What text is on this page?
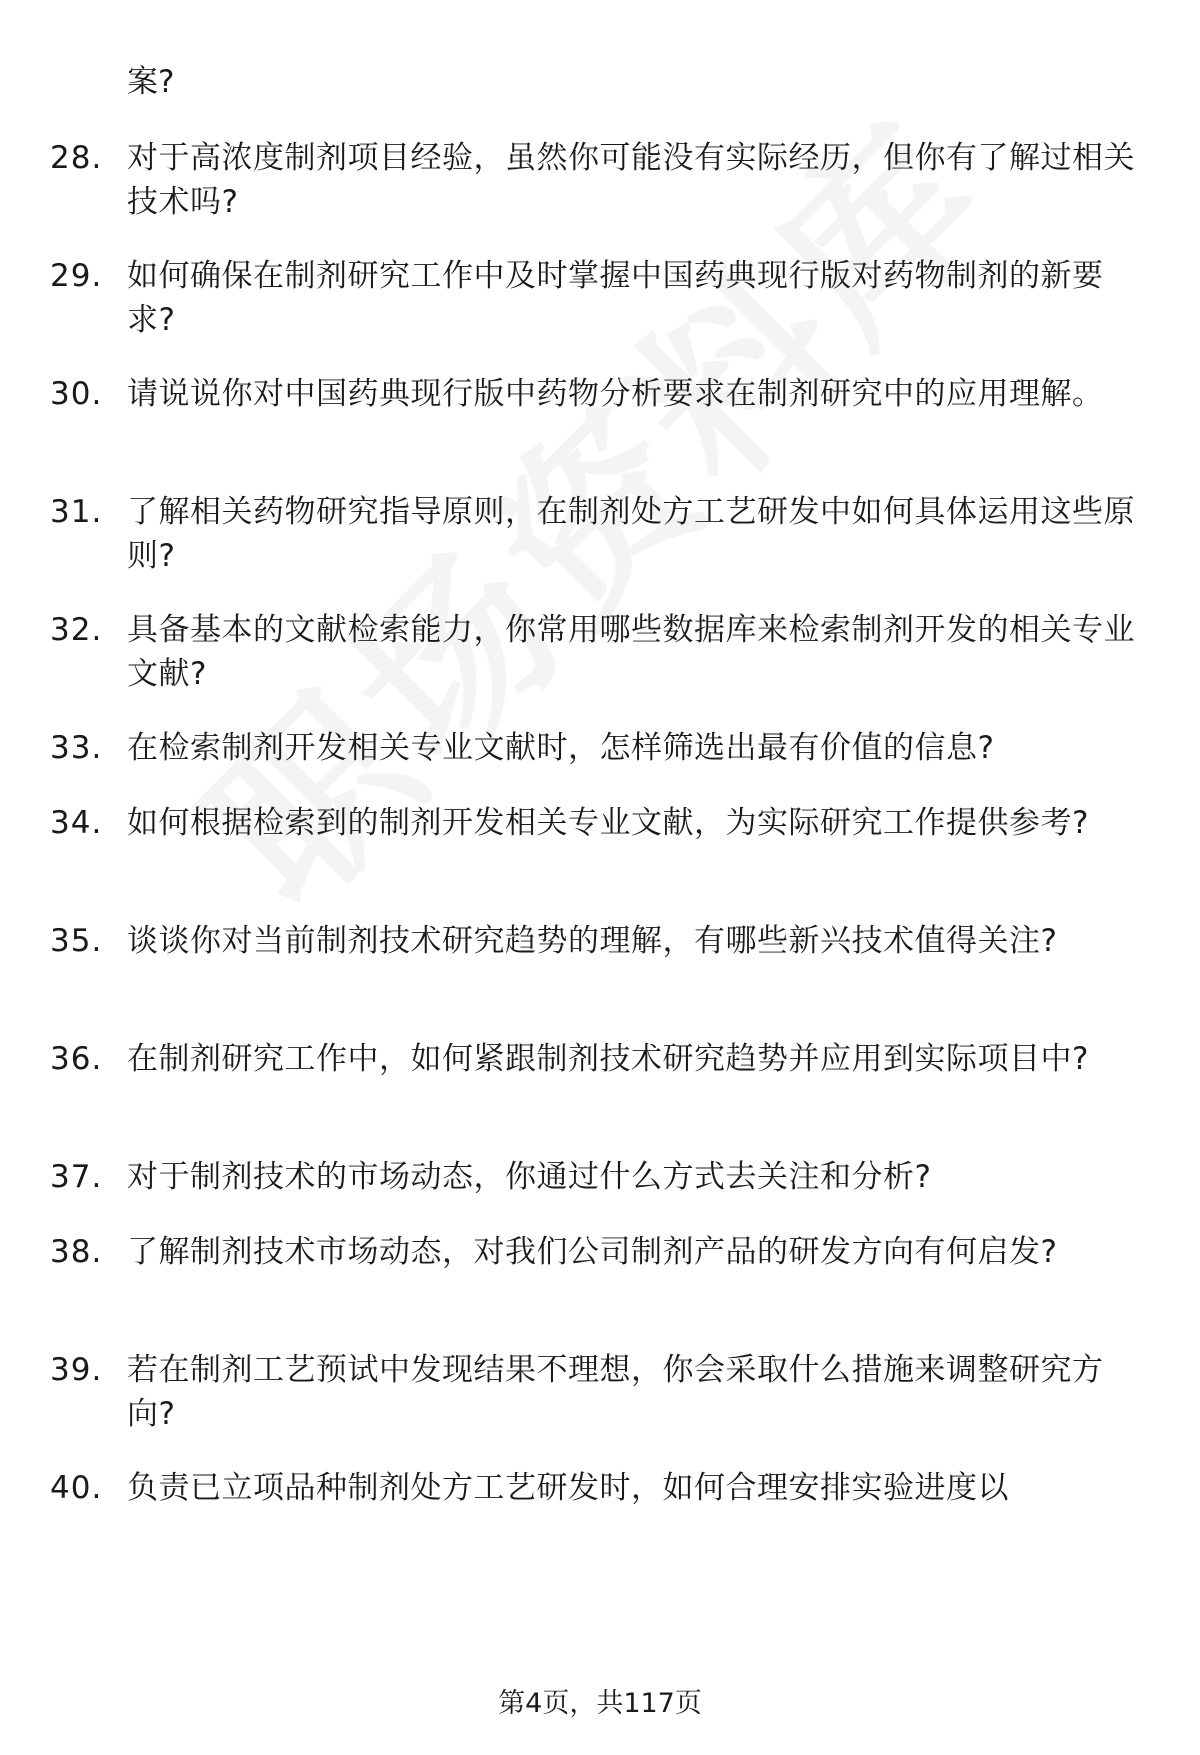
案?
28. 对于高浓度制剂项目经验，虽然你可能没有实际经历，但你有了解过相关技术吗?
29. 如何确保在制剂研究工作中及时掌握中国药典现行版对药物制剂的新要求?
30. 请说说你对中国药典现行版中药物分析要求在制剂研究中的应用理解。
31. 了解相关药物研究指导原则，在制剂处方工艺研发中如何具体运用这些原则?
32. 具备基本的文献检索能力，你常用哪些数据库来检索制剂开发的相关专业文献?
33. 在检索制剂开发相关专业文献时，怎样筛选出最有价值的信息?
34. 如何根据检索到的制剂开发相关专业文献，为实际研究工作提供参考?
35. 谈谈你对当前制剂技术研究趋势的理解，有哪些新兴技术值得关注?
36. 在制剂研究工作中，如何紧跟制剂技术研究趋势并应用到实际项目中?
37. 对于制剂技术的市场动态，你通过什么方式去关注和分析?
38. 了解制剂技术市场动态，对我们公司制剂产品的研发方向有何启发?
39. 若在制剂工艺预试中发现结果不理想，你会采取什么措施来调整研究方向?
40. 负责已立项品种制剂处方工艺研发时，如何合理安排实验进度以
第4页，共117页
